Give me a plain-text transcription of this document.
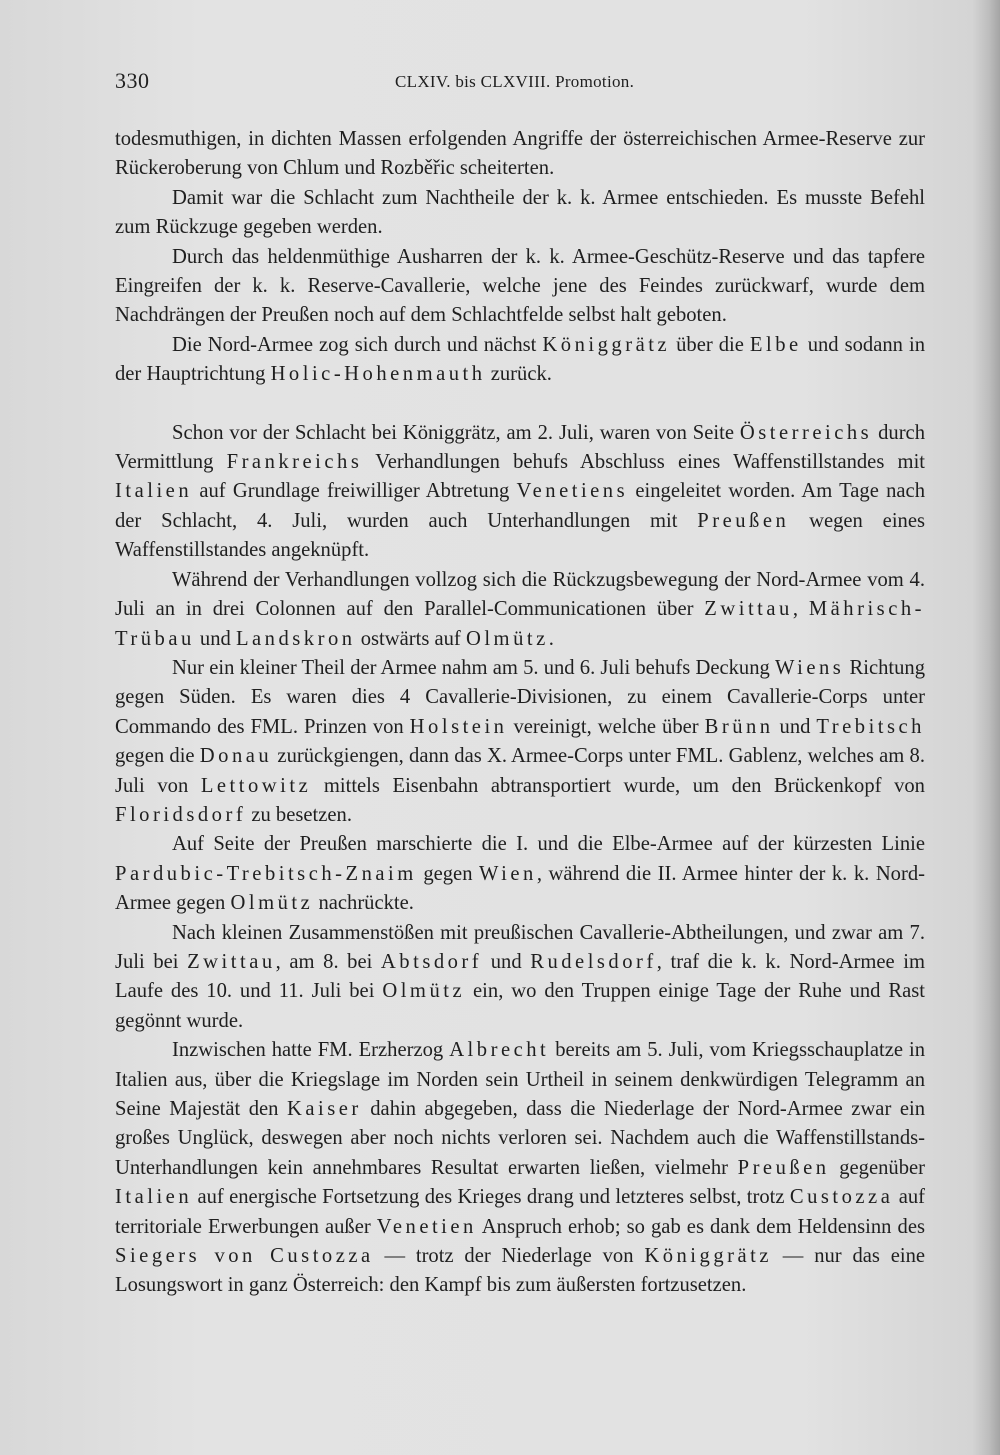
330	CLXIV. bis CLXVIII. Promotion.

todesmuthigen, in dichten Massen erfolgenden Angriffe der österreichischen Armee-Reserve zur Rückeroberung von Chlum und Rozběřic scheiterten.

Damit war die Schlacht zum Nachtheile der k. k. Armee entschieden. Es musste Befehl zum Rückzuge gegeben werden.

Durch das heldenmüthige Ausharren der k. k. Armee-Geschütz-Reserve und das tapfere Eingreifen der k. k. Reserve-Cavallerie, welche jene des Feindes zurückwarf, wurde dem Nachdrängen der Preußen noch auf dem Schlachtfelde selbst halt geboten.

Die Nord-Armee zog sich durch und nächst Königgrätz über die Elbe und sodann in der Hauptrichtung Holic-Hohenmauth zurück.

Schon vor der Schlacht bei Königgrätz, am 2. Juli, waren von Seite Österreichs durch Vermittlung Frankreichs Verhandlungen behufs Abschluss eines Waffenstillstandes mit Italien auf Grundlage freiwilliger Abtretung Venetiens eingeleitet worden. Am Tage nach der Schlacht, 4. Juli, wurden auch Unterhandlungen mit Preußen wegen eines Waffenstillstandes angeknüpft.

Während der Verhandlungen vollzog sich die Rückzugsbewegung der Nord-Armee vom 4. Juli an in drei Colonnen auf den Parallel-Communicationen über Zwittau, Mährisch-Trübau und Landskron ostwärts auf Olmütz.

Nur ein kleiner Theil der Armee nahm am 5. und 6. Juli behufs Deckung Wiens Richtung gegen Süden. Es waren dies 4 Cavallerie-Divisionen, zu einem Cavallerie-Corps unter Commando des FML. Prinzen von Holstein vereinigt, welche über Brünn und Trebitsch gegen die Donau zurückgiengen, dann das X. Armee-Corps unter FML. Gablenz, welches am 8. Juli von Lettowitz mittels Eisenbahn abtransportiert wurde, um den Brückenkopf von Floridsdorf zu besetzen.

Auf Seite der Preußen marschierte die I. und die Elbe-Armee auf der kürzesten Linie Pardubic-Trebitsch-Znaim gegen Wien, während die II. Armee hinter der k. k. Nord-Armee gegen Olmütz nachrückte.

Nach kleinen Zusammenstößen mit preußischen Cavallerie-Abtheilungen, und zwar am 7. Juli bei Zwittau, am 8. bei Abtsdorf und Rudelsdorf, traf die k. k. Nord-Armee im Laufe des 10. und 11. Juli bei Olmütz ein, wo den Truppen einige Tage der Ruhe und Rast gegönnt wurde.

Inzwischen hatte FM. Erzherzog Albrecht bereits am 5. Juli, vom Kriegsschauplatze in Italien aus, über die Kriegslage im Norden sein Urtheil in seinem denkwürdigen Telegramm an Seine Majestät den Kaiser dahin abgegeben, dass die Niederlage der Nord-Armee zwar ein großes Unglück, deswegen aber noch nichts verloren sei. Nachdem auch die Waffenstillstands-Unterhandlungen kein annehmbares Resultat erwarten ließen, vielmehr Preußen gegenüber Italien auf energische Fortsetzung des Krieges drang und letzteres selbst, trotz Custozza auf territoriale Erwerbungen außer Venetien Anspruch erhob; so gab es dank dem Heldensinn des Siegers von Custozza — trotz der Niederlage von Königgrätz — nur das eine Losungswort in ganz Österreich: den Kampf bis zum äußersten fortzusetzen.
